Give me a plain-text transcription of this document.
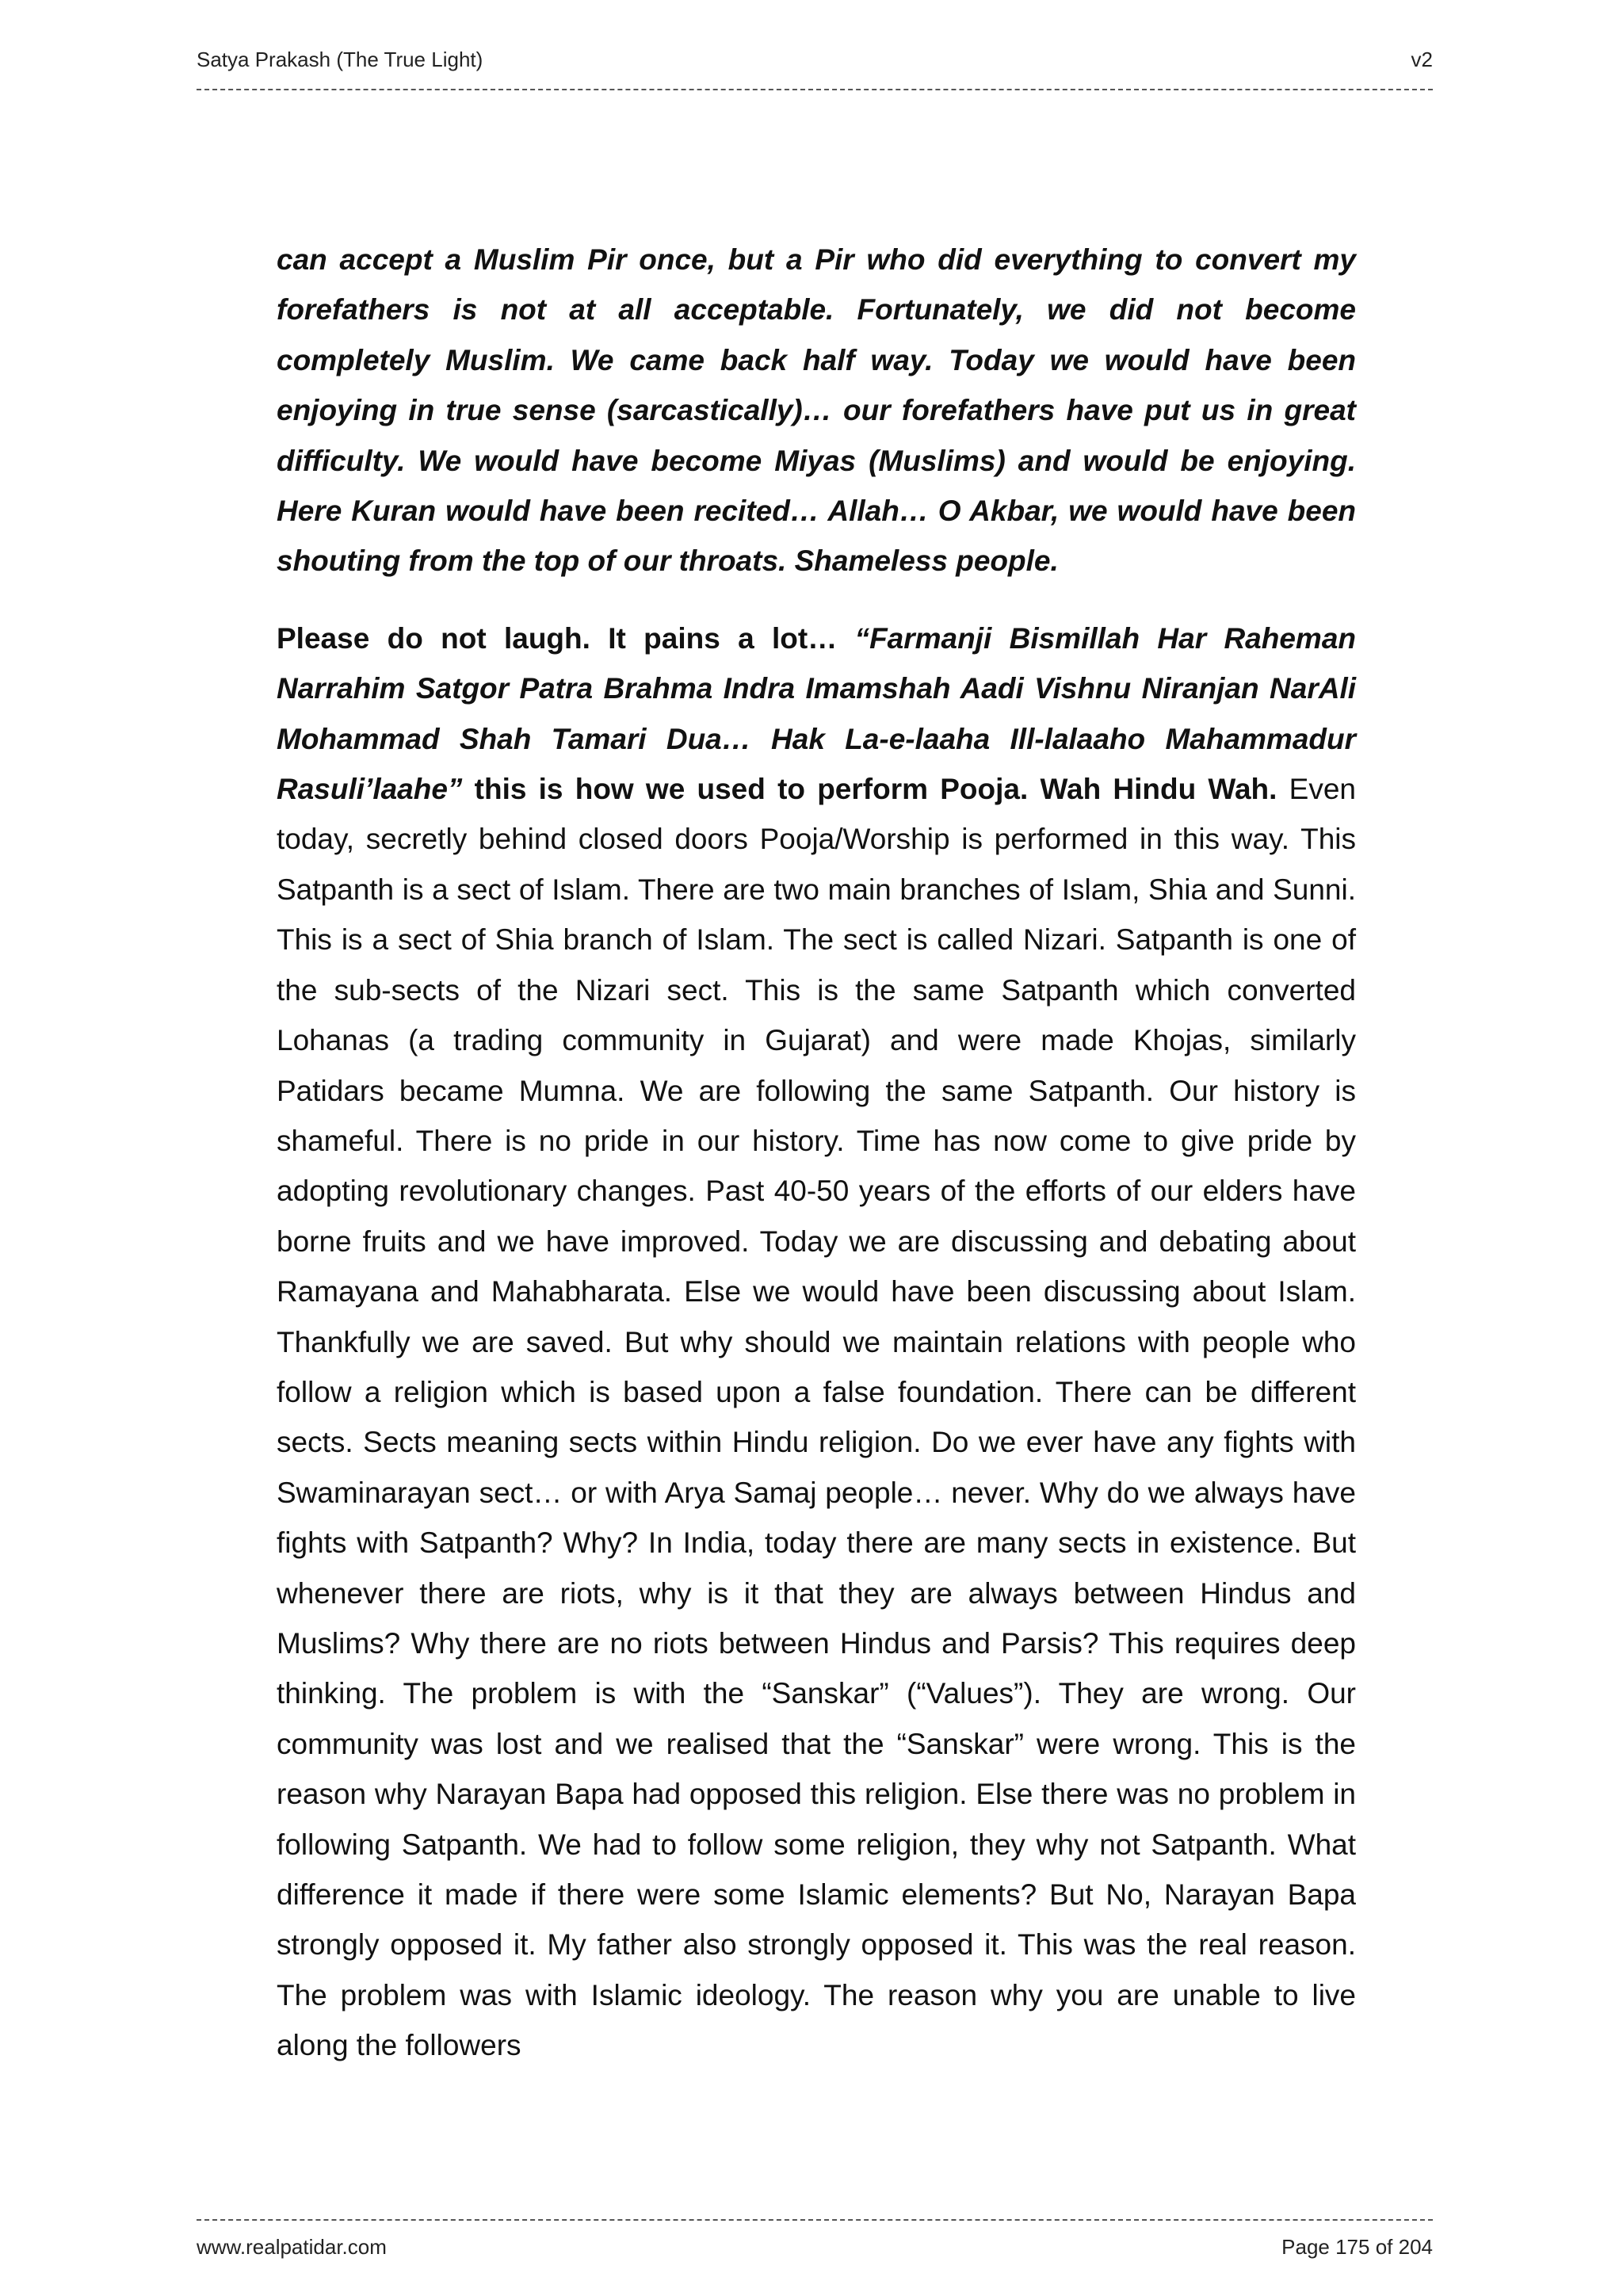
Satya Prakash (The True Light)	v2

can accept a Muslim Pir once, but a Pir who did everything to convert my forefathers is not at all acceptable. Fortunately, we did not become completely Muslim. We came back half way. Today we would have been enjoying in true sense (sarcastically)… our forefathers have put us in great difficulty. We would have become Miyas (Muslims) and would be enjoying. Here Kuran would have been recited… Allah… O Akbar, we would have been shouting from the top of our throats. Shameless people.

Please do not laugh. It pains a lot… “Farmanji Bismillah Har Raheman Narrahim Satgor Patra Brahma Indra Imamshah Aadi Vishnu Niranjan NarAli Mohammad Shah Tamari Dua… Hak La-e-laaha Ill-lalaaho Mahammadur Rasuli’laahe” this is how we used to perform Pooja. Wah Hindu Wah. Even today, secretly behind closed doors Pooja/Worship is performed in this way. This Satpanth is a sect of Islam. There are two main branches of Islam, Shia and Sunni. This is a sect of Shia branch of Islam. The sect is called Nizari. Satpanth is one of the sub-sects of the Nizari sect. This is the same Satpanth which converted Lohanas (a trading community in Gujarat) and were made Khojas, similarly Patidars became Mumna. We are following the same Satpanth. Our history is shameful. There is no pride in our history. Time has now come to give pride by adopting revolutionary changes. Past 40-50 years of the efforts of our elders have borne fruits and we have improved. Today we are discussing and debating about Ramayana and Mahabharata. Else we would have been discussing about Islam. Thankfully we are saved. But why should we maintain relations with people who follow a religion which is based upon a false foundation. There can be different sects. Sects meaning sects within Hindu religion. Do we ever have any fights with Swaminarayan sect… or with Arya Samaj people… never. Why do we always have fights with Satpanth? Why? In India, today there are many sects in existence. But whenever there are riots, why is it that they are always between Hindus and Muslims? Why there are no riots between Hindus and Parsis? This requires deep thinking. The problem is with the “Sanskar” (“Values”). They are wrong. Our community was lost and we realised that the “Sanskar” were wrong. This is the reason why Narayan Bapa had opposed this religion. Else there was no problem in following Satpanth. We had to follow some religion, they why not Satpanth. What difference it made if there were some Islamic elements? But No, Narayan Bapa strongly opposed it. My father also strongly opposed it. This was the real reason. The problem was with Islamic ideology. The reason why you are unable to live along the followers

www.realpatidar.com	Page 175 of 204
